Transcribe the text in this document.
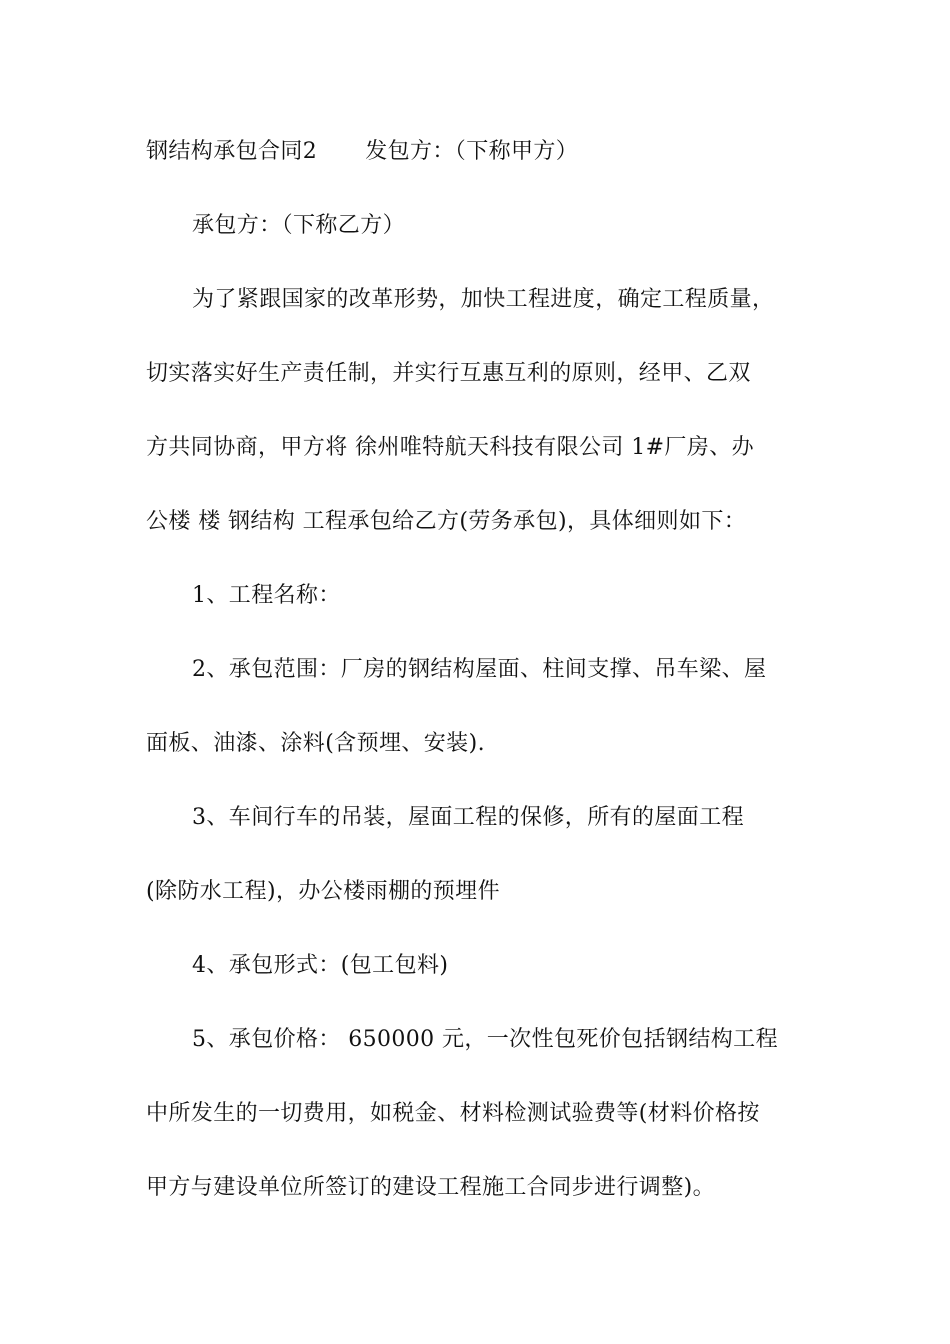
钢结构承包合同2 发包方：（下称甲方）
承包方：（下称乙方）
为了紧跟国家的改革形势，加快工程进度，确定工程质量，
切实落实好生产责任制，并实行互惠互利的原则，经甲、乙双
方共同协商，甲方将 徐州唯特航天科技有限公司 1#厂房、办
公楼 楼 钢结构 工程承包给乙方(劳务承包)，具体细则如下：
1、工程名称：
2、承包范围：厂房的钢结构屋面、柱间支撑、吊车梁、屋
面板、油漆、涂料(含预埋、安装).
3、车间行车的吊装，屋面工程的保修，所有的屋面工程
(除防水工程)，办公楼雨棚的预埋件
4、承包形式：(包工包料)
5、承包价格： 650000 元，一次性包死价包括钢结构工程
中所发生的一切费用，如税金、材料检测试验费等(材料价格按
甲方与建设单位所签订的建设工程施工合同步进行调整)。
